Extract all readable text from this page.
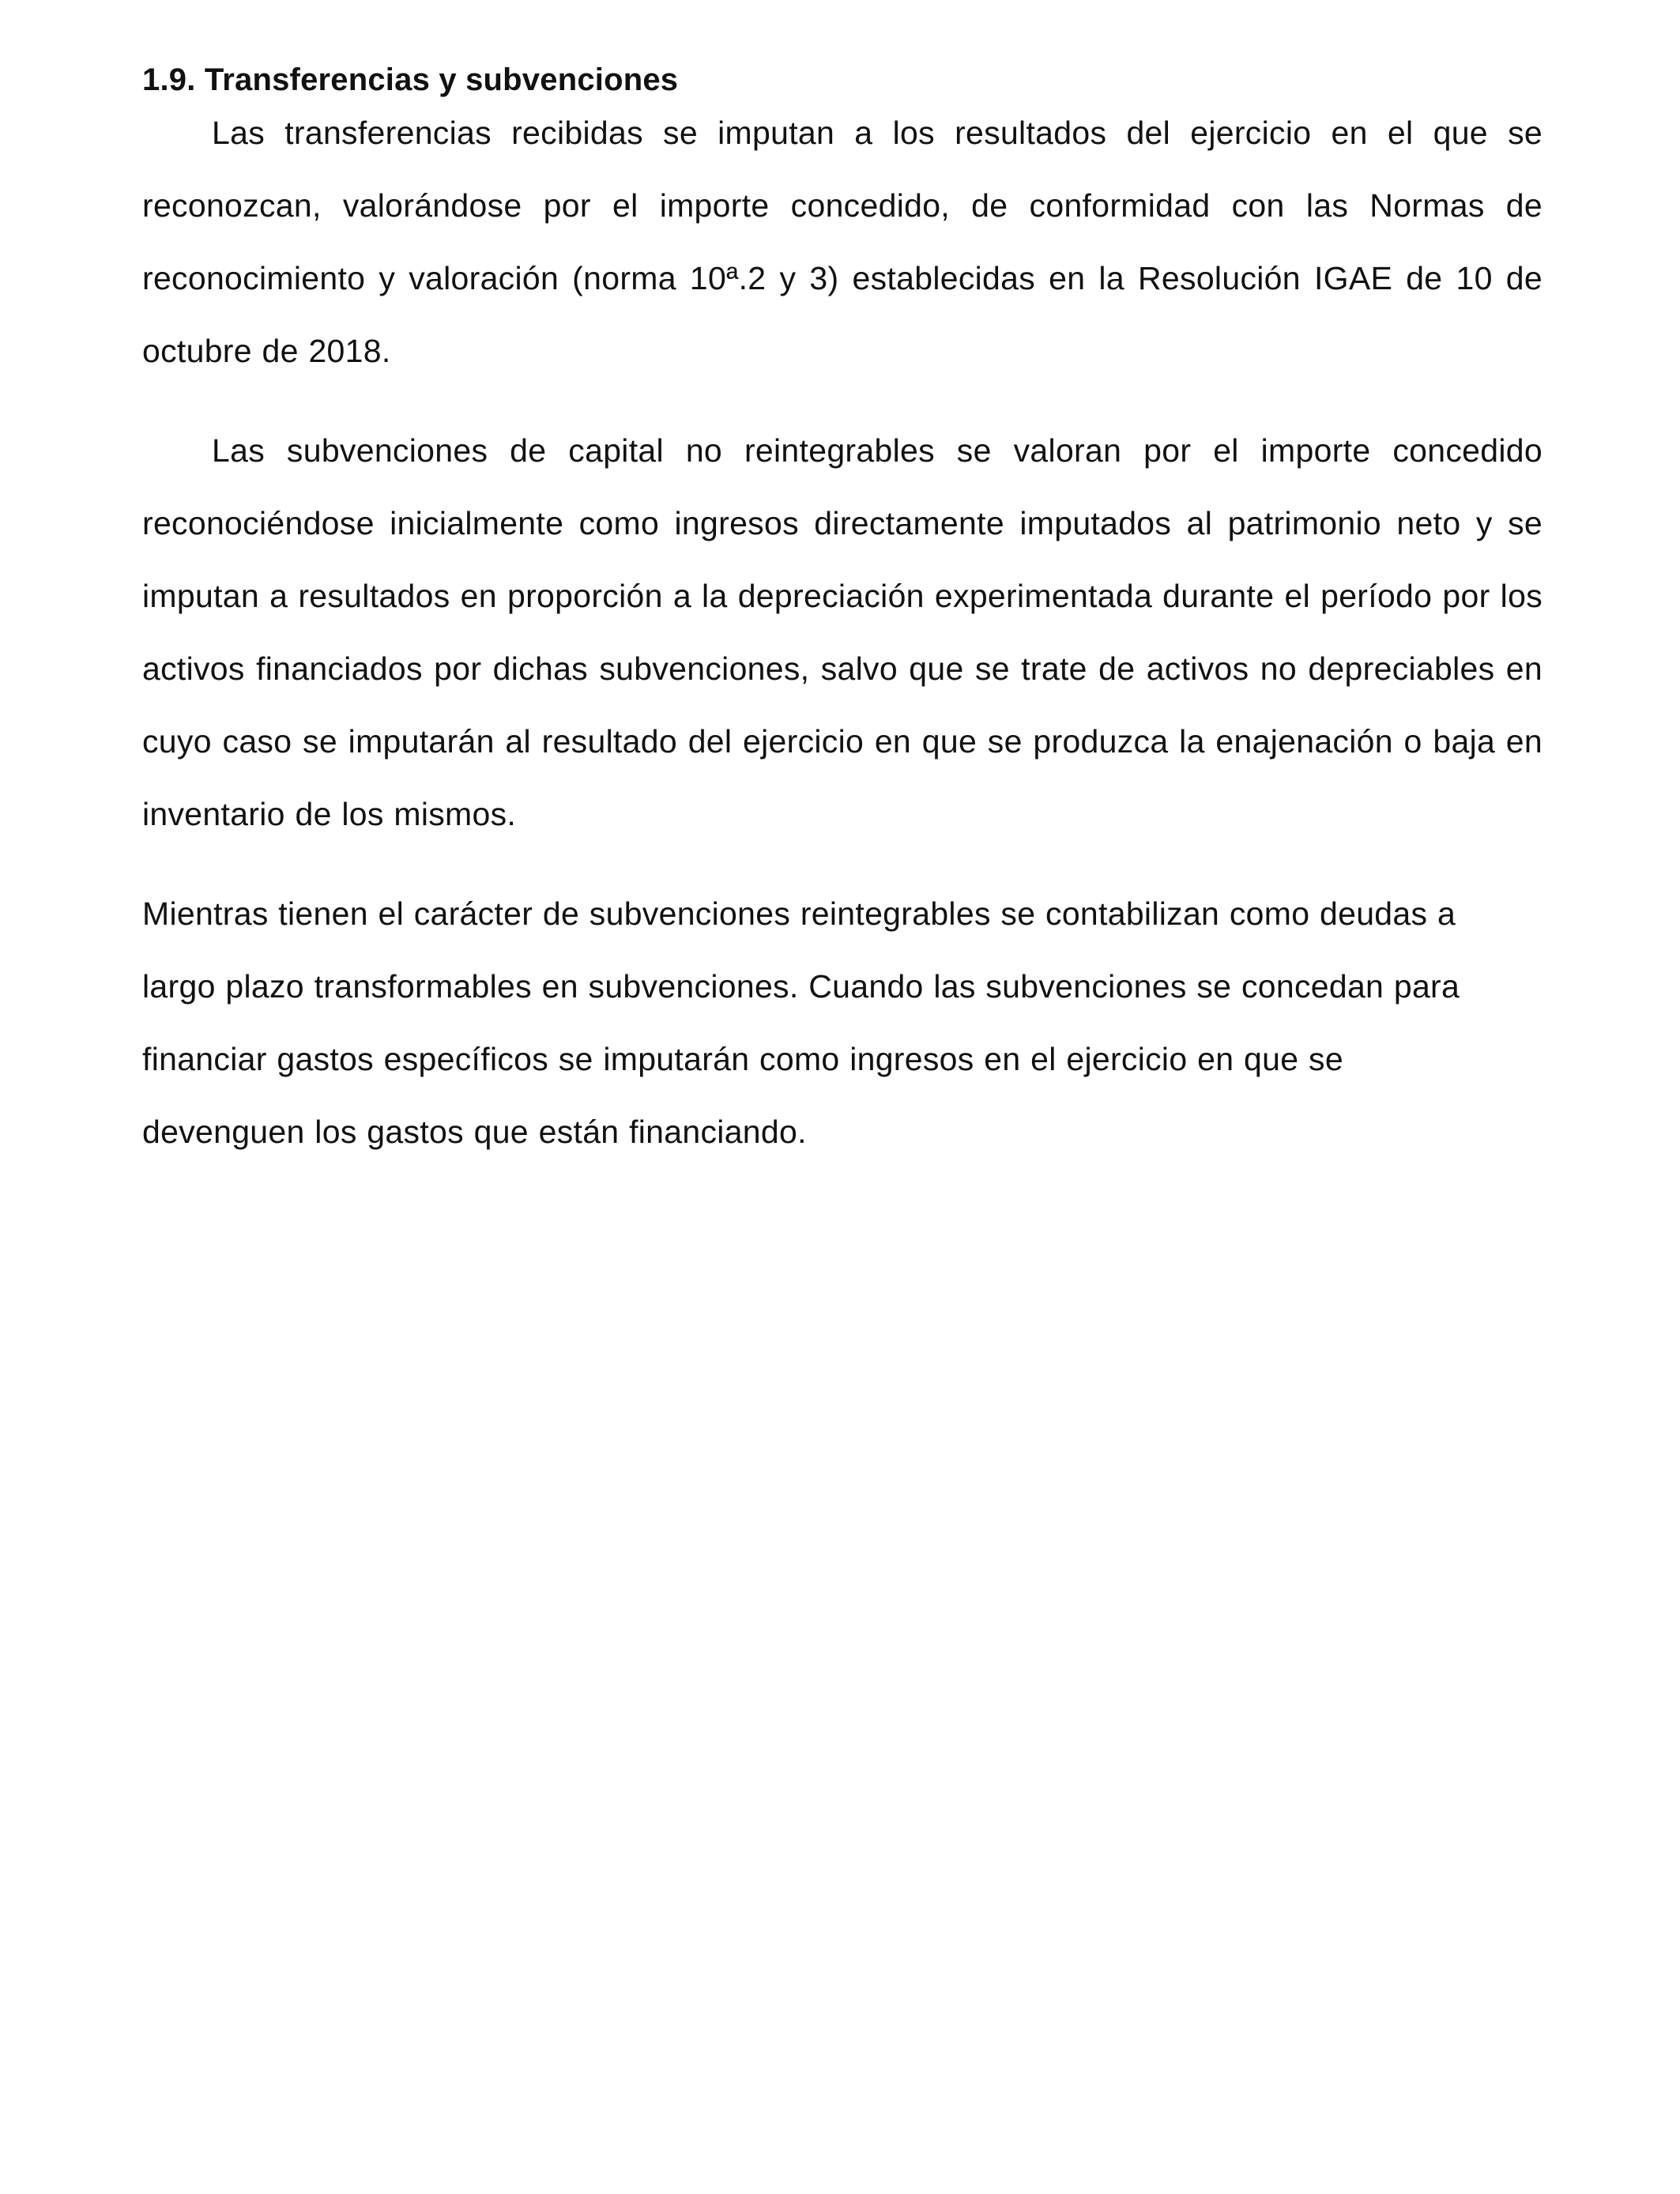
1.9. Transferencias y subvenciones

Las transferencias recibidas se imputan a los resultados del ejercicio en el que se reconozcan, valorándose por el importe concedido, de conformidad con las Normas de reconocimiento y valoración (norma 10ª.2 y 3) establecidas en la Resolución IGAE de 10 de octubre de 2018.

Las subvenciones de capital no reintegrables se valoran por el importe concedido reconociéndose inicialmente como ingresos directamente imputados al patrimonio neto y se imputan a resultados en proporción a la depreciación experimentada durante el período por los activos financiados por dichas subvenciones, salvo que se trate de activos no depreciables en cuyo caso se imputarán al resultado del ejercicio en que se produzca la enajenación o baja en inventario de los mismos.

Mientras tienen el carácter de subvenciones reintegrables se contabilizan como deudas a largo plazo transformables en subvenciones. Cuando las subvenciones se concedan para financiar gastos específicos se imputarán como ingresos en el ejercicio en que se devenguen los gastos que están financiando.
